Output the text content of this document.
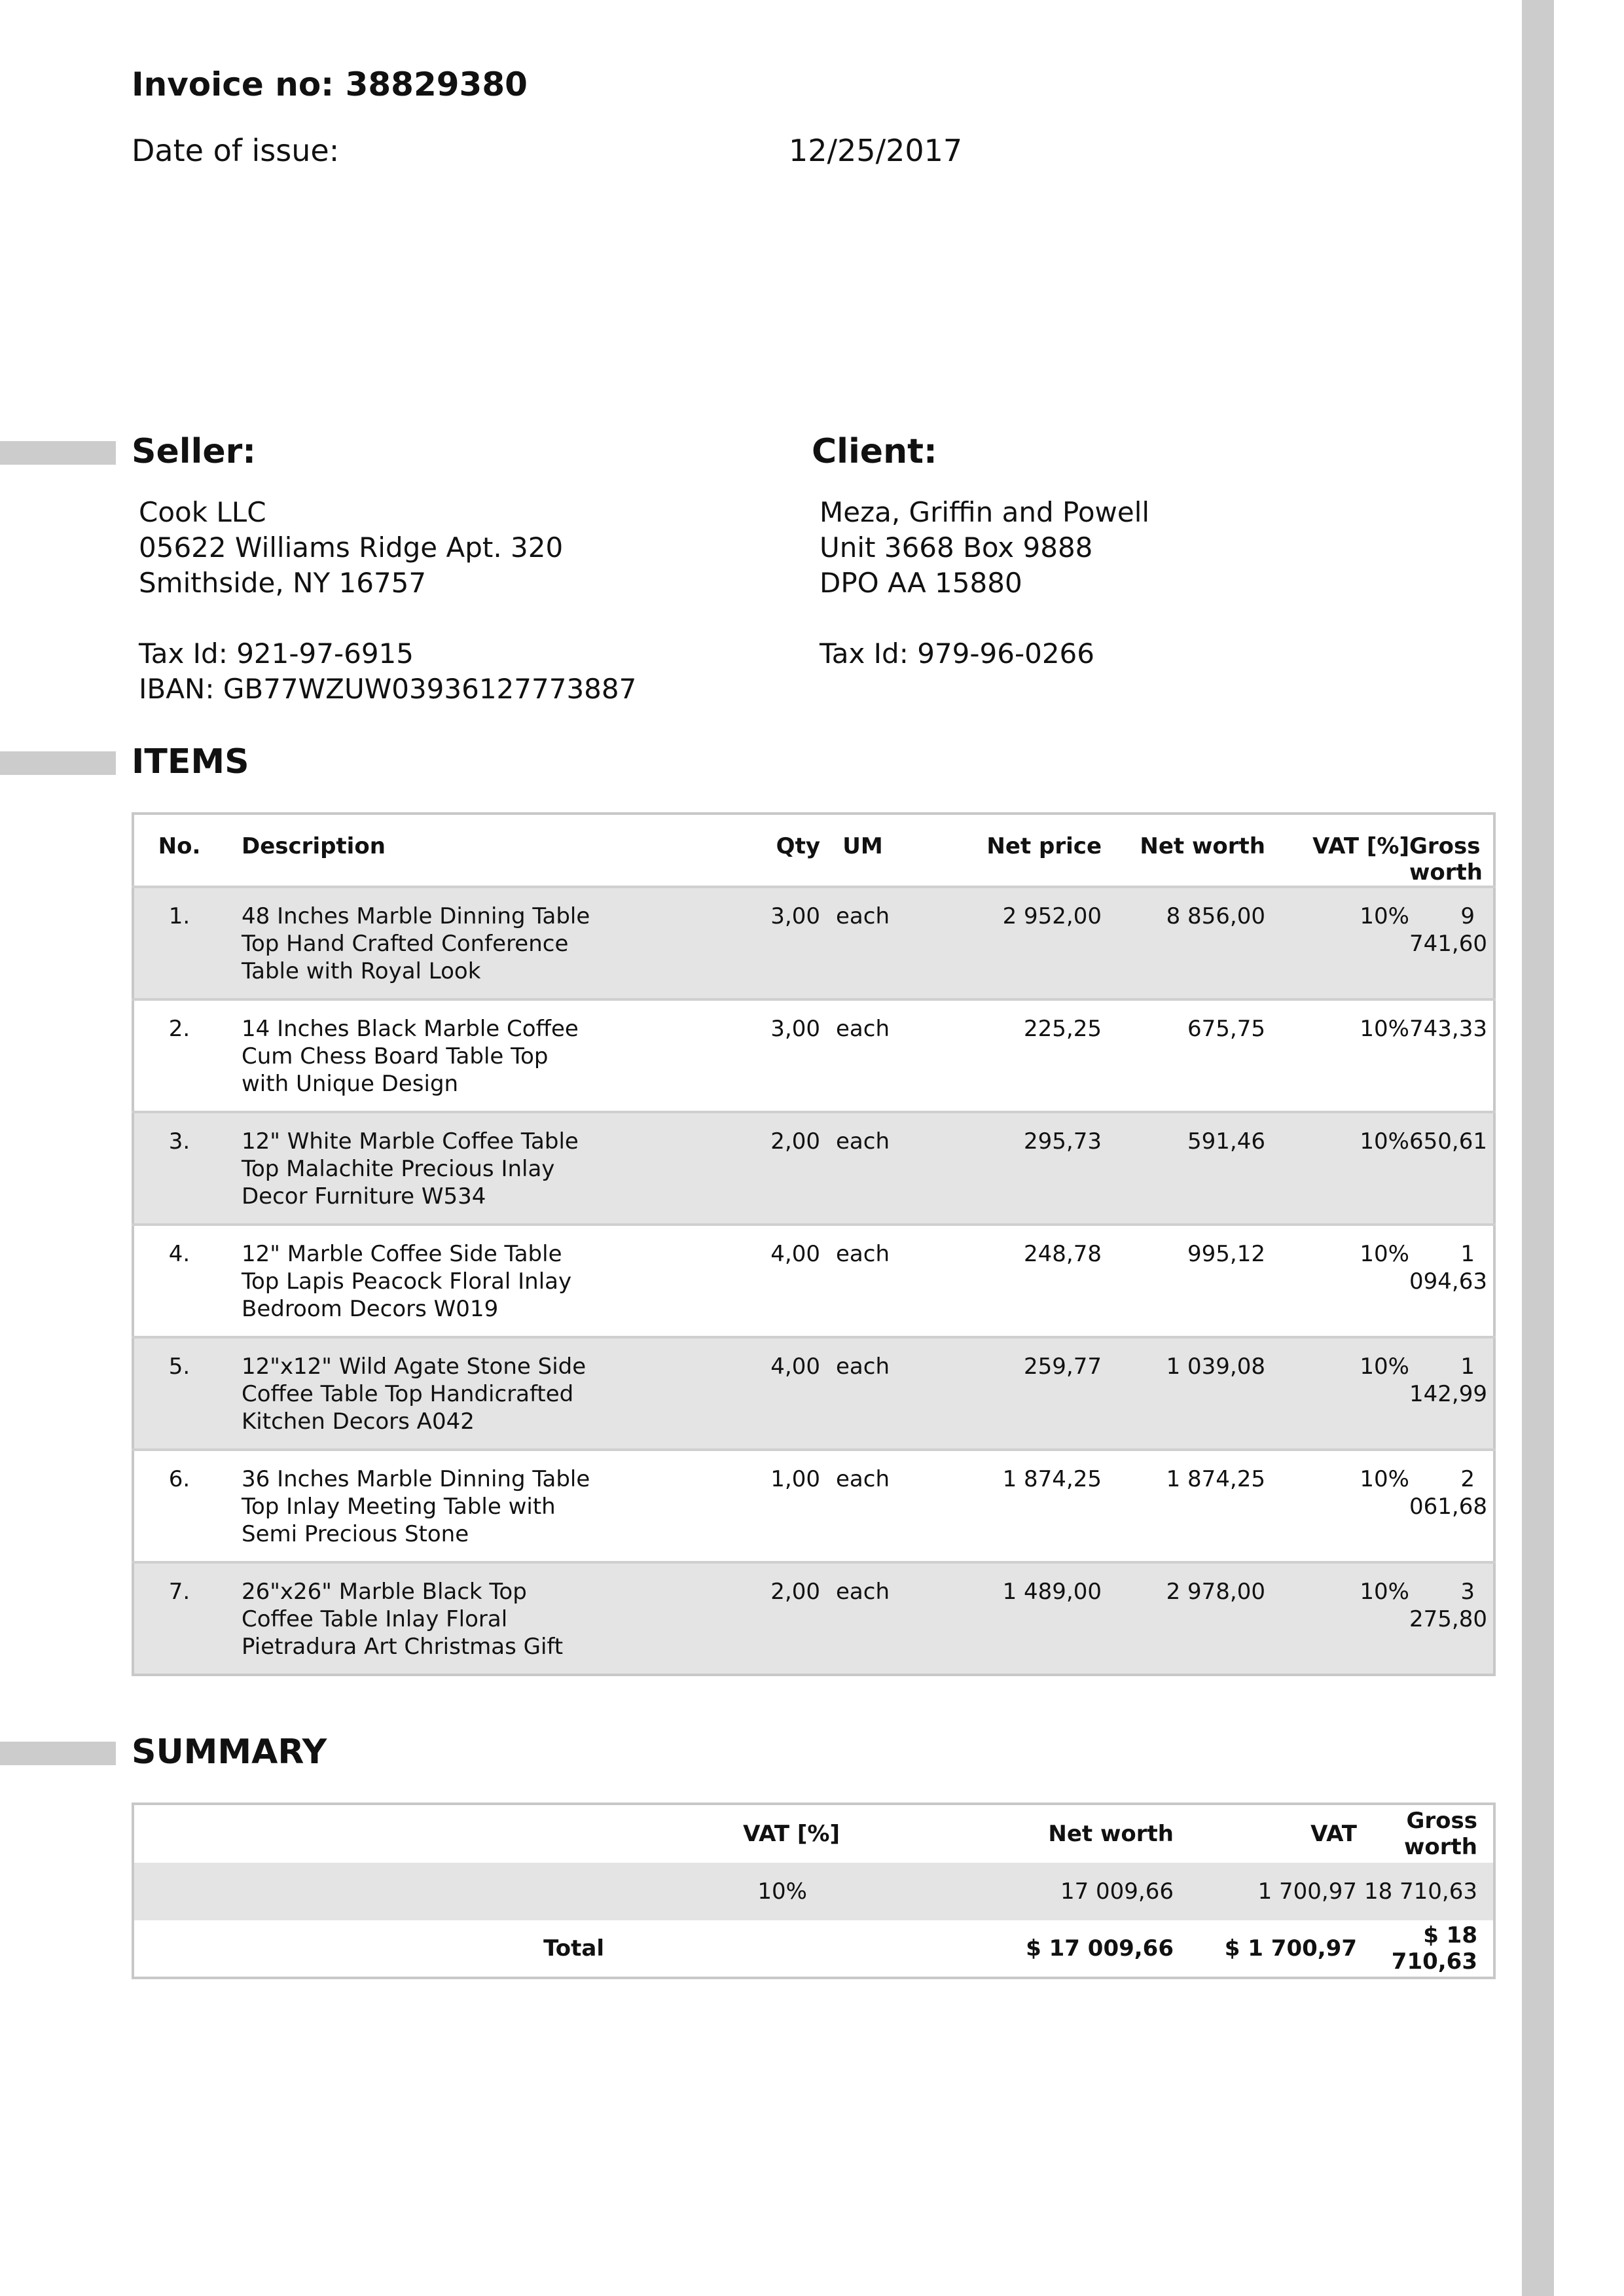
Invoice no: 38829380
Date of issue:	12/25/2017
Seller:	Client:
Cook LLC
05622 Williams Ridge Apt. 320
Smithside, NY 16757
Tax Id: 921-97-6915
IBAN: GB77WZUW03936127773887
Meza, Griffin and Powell
Unit 3668 Box 9888
DPO AA 15880
Tax Id: 979-96-0266
ITEMS
No.	Description	Qty	UM	Net price	Net worth	VAT [%]	Gross
worth
1.	48 Inches Marble Dinning Table
Top Hand Crafted Conference
Table with Royal Look	3,00	each	2 952,00	8 856,00	10%	9 741,60
2.	14 Inches Black Marble Coffee
Cum Chess Board Table Top
with Unique Design	3,00	each	225,25	675,75	10%	743,33
3.	12" White Marble Coffee Table
Top Malachite Precious Inlay
Decor Furniture W534	2,00	each	295,73	591,46	10%	650,61
4.	12" Marble Coffee Side Table
Top Lapis Peacock Floral Inlay
Bedroom Decors W019	4,00	each	248,78	995,12	10%	1 094,63
5.	12"x12" Wild Agate Stone Side
Coffee Table Top Handicrafted
Kitchen Decors A042	4,00	each	259,77	1 039,08	10%	1 142,99
6.	36 Inches Marble Dinning Table
Top Inlay Meeting Table with
Semi Precious Stone	1,00	each	1 874,25	1 874,25	10%	2 061,68
7.	26"x26" Marble Black Top
Coffee Table Inlay Floral
Pietradura Art Christmas Gift	2,00	each	1 489,00	2 978,00	10%	3 275,80
SUMMARY
	VAT [%]	Net worth	VAT	Gross worth
	10%	17 009,66	1 700,97	18 710,63
Total		$ 17 009,66	$ 1 700,97	$ 18 710,63
